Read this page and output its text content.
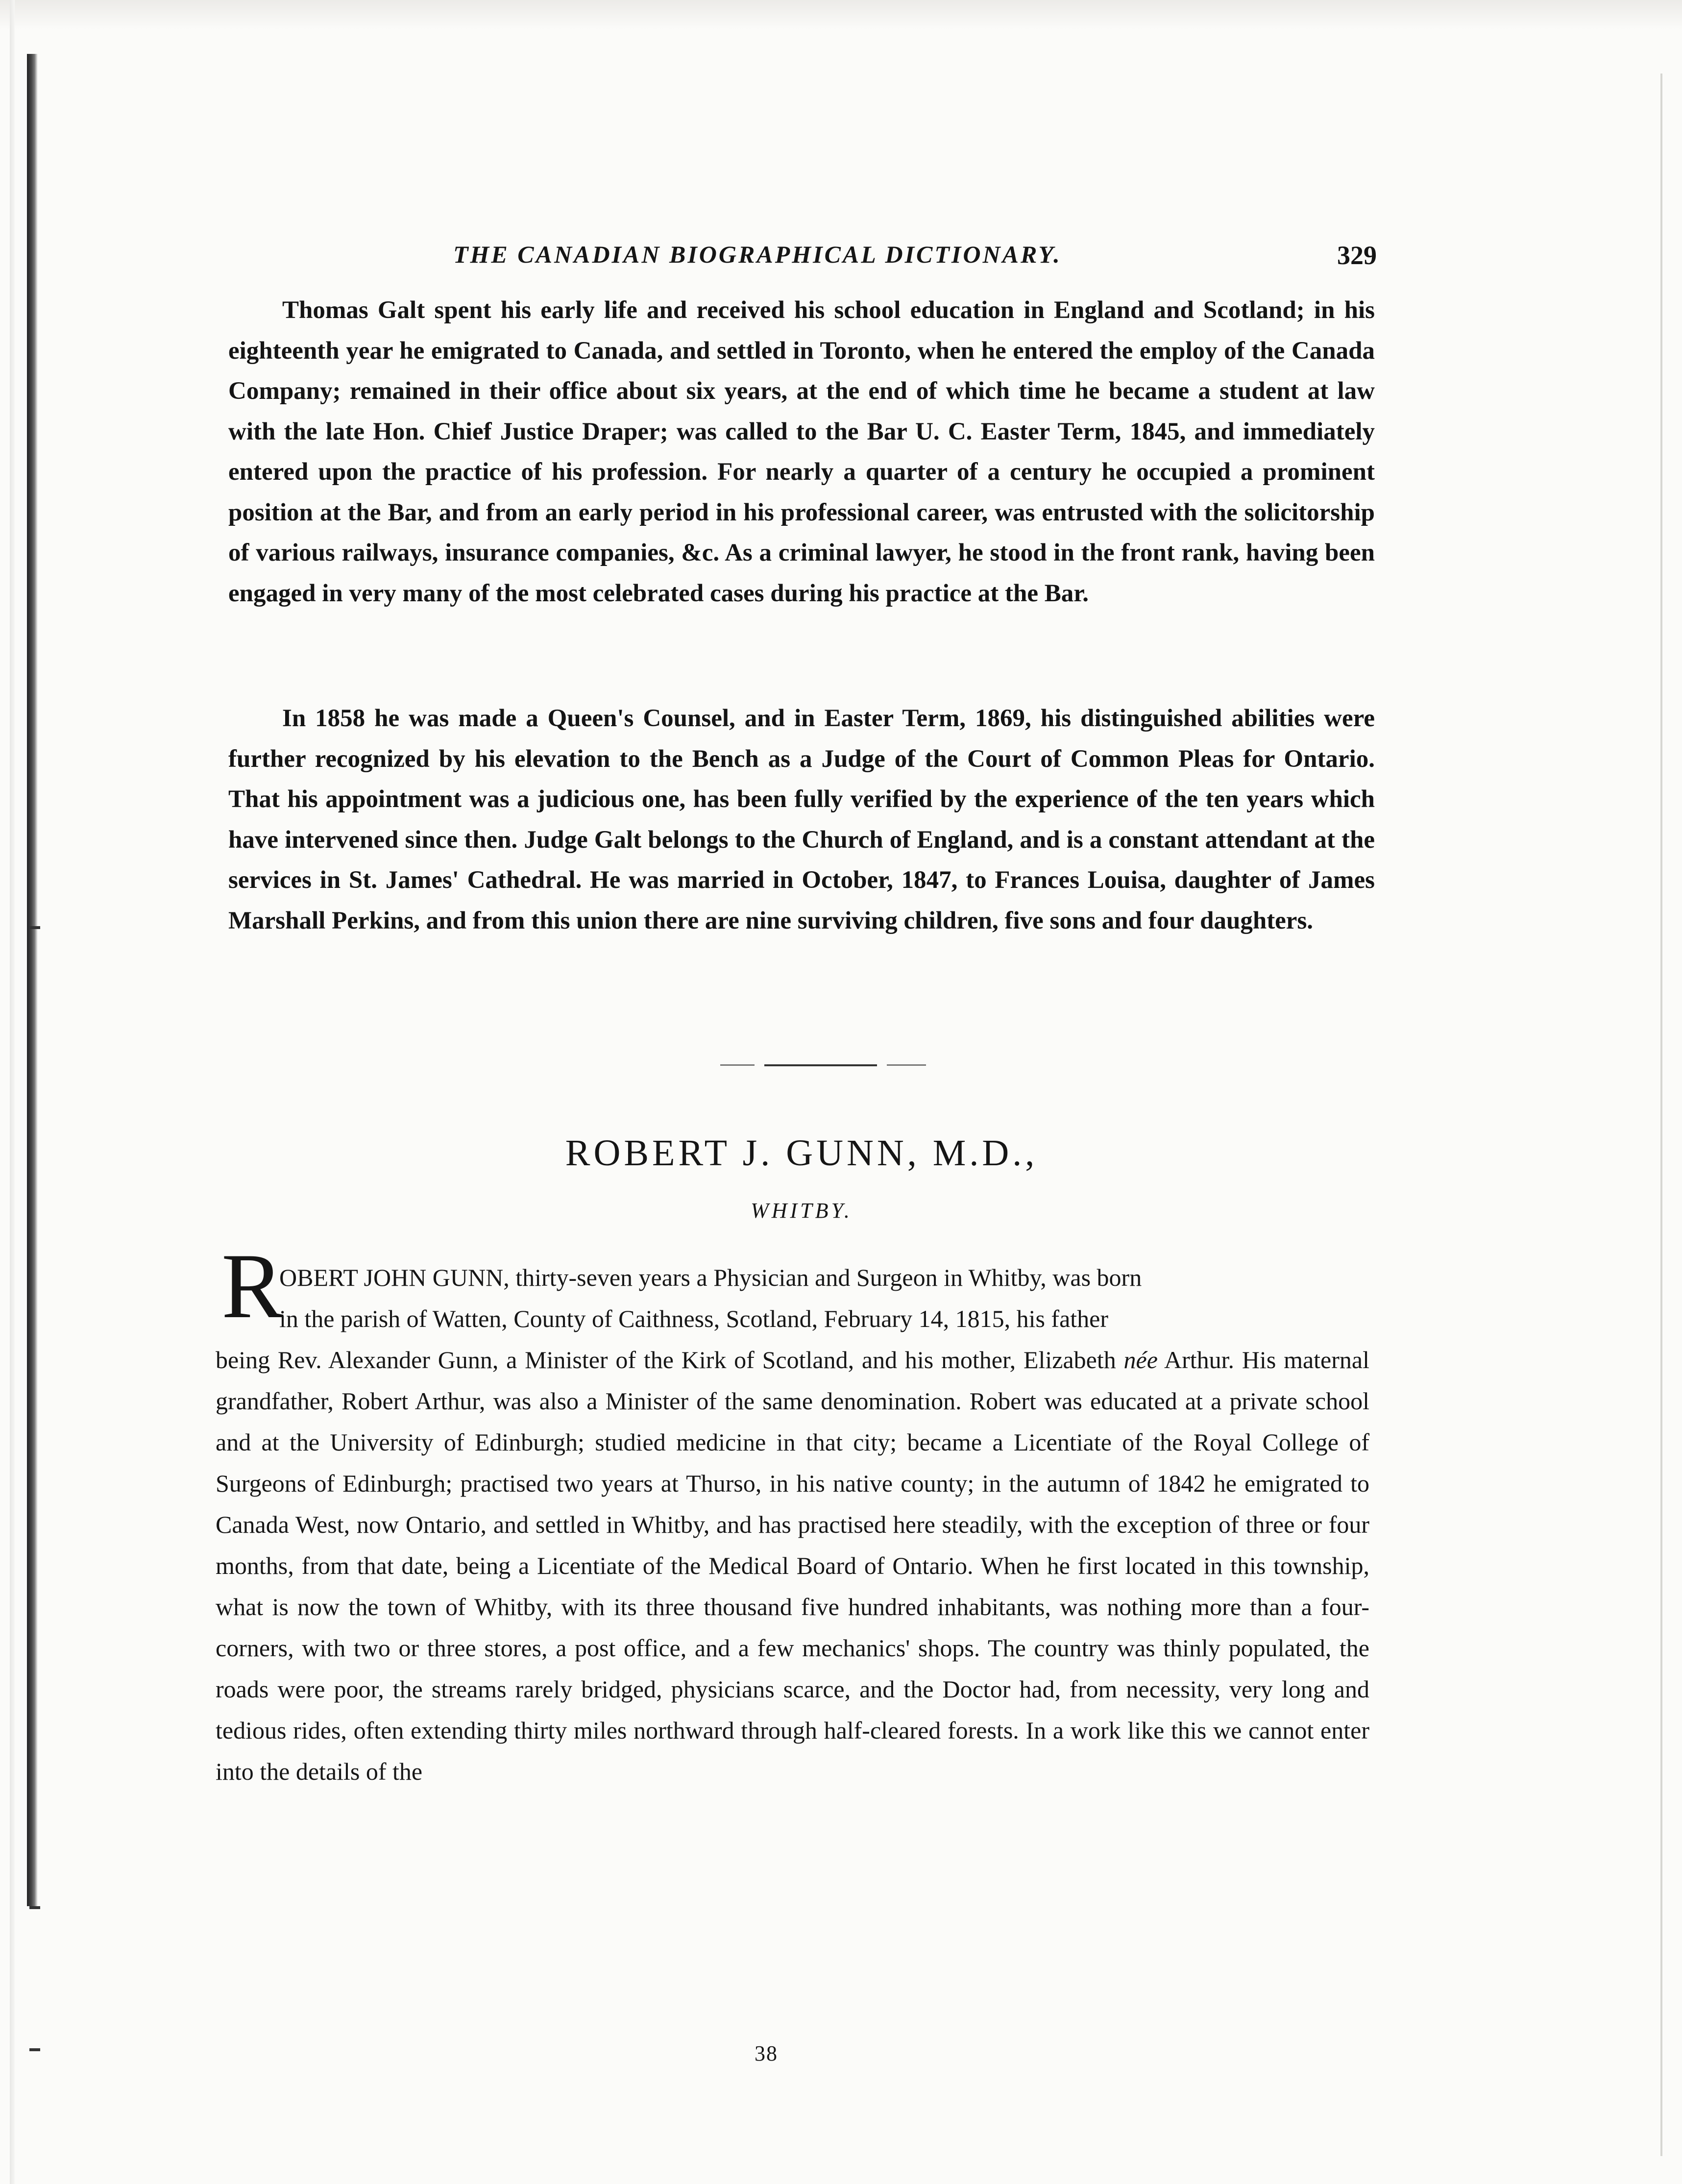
THE CANADIAN BIOGRAPHICAL DICTIONARY.	329
Thomas Galt spent his early life and received his school education in England and Scotland; in his eighteenth year he emigrated to Canada, and settled in Toronto, when he entered the employ of the Canada Company; remained in their office about six years, at the end of which time he became a student at law with the late Hon. Chief Justice Draper; was called to the Bar U. C. Easter Term, 1845, and immediately entered upon the practice of his profession. For nearly a quarter of a century he occupied a prominent position at the Bar, and from an early period in his professional career, was entrusted with the solicitorship of various railways, insurance companies, &c. As a criminal lawyer, he stood in the front rank, having been engaged in very many of the most celebrated cases during his practice at the Bar.
In 1858 he was made a Queen's Counsel, and in Easter Term, 1869, his distinguished abilities were further recognized by his elevation to the Bench as a Judge of the Court of Common Pleas for Ontario. That his appointment was a judicious one, has been fully verified by the experience of the ten years which have intervened since then. Judge Galt belongs to the Church of England, and is a constant attendant at the services in St. James' Cathedral. He was married in October, 1847, to Frances Louisa, daughter of James Marshall Perkins, and from this union there are nine surviving children, five sons and four daughters.
ROBERT J. GUNN, M.D.,
WHITBY.
R
OBERT JOHN GUNN, thirty-seven years a Physician and Surgeon in Whitby, was born
in the parish of Watten, County of Caithness, Scotland, February 14, 1815, his father
being Rev. Alexander Gunn, a Minister of the Kirk of Scotland, and his mother, Elizabeth née Arthur. His maternal grandfather, Robert Arthur, was also a Minister of the same denomination. Robert was educated at a private school and at the University of Edinburgh; studied medicine in that city; became a Licentiate of the Royal College of Surgeons of Edinburgh; practised two years at Thurso, in his native county; in the autumn of 1842 he emigrated to Canada West, now Ontario, and settled in Whitby, and has practised here steadily, with the exception of three or four months, from that date, being a Licentiate of the Medical Board of Ontario. When he first located in this township, what is now the town of Whitby, with its three thousand five hundred inhabitants, was nothing more than a four-corners, with two or three stores, a post office, and a few mechanics' shops. The country was thinly populated, the roads were poor, the streams rarely bridged, physicians scarce, and the Doctor had, from necessity, very long and tedious rides, often extending thirty miles northward through half-cleared forests. In a work like this we cannot enter into the details of the
38
